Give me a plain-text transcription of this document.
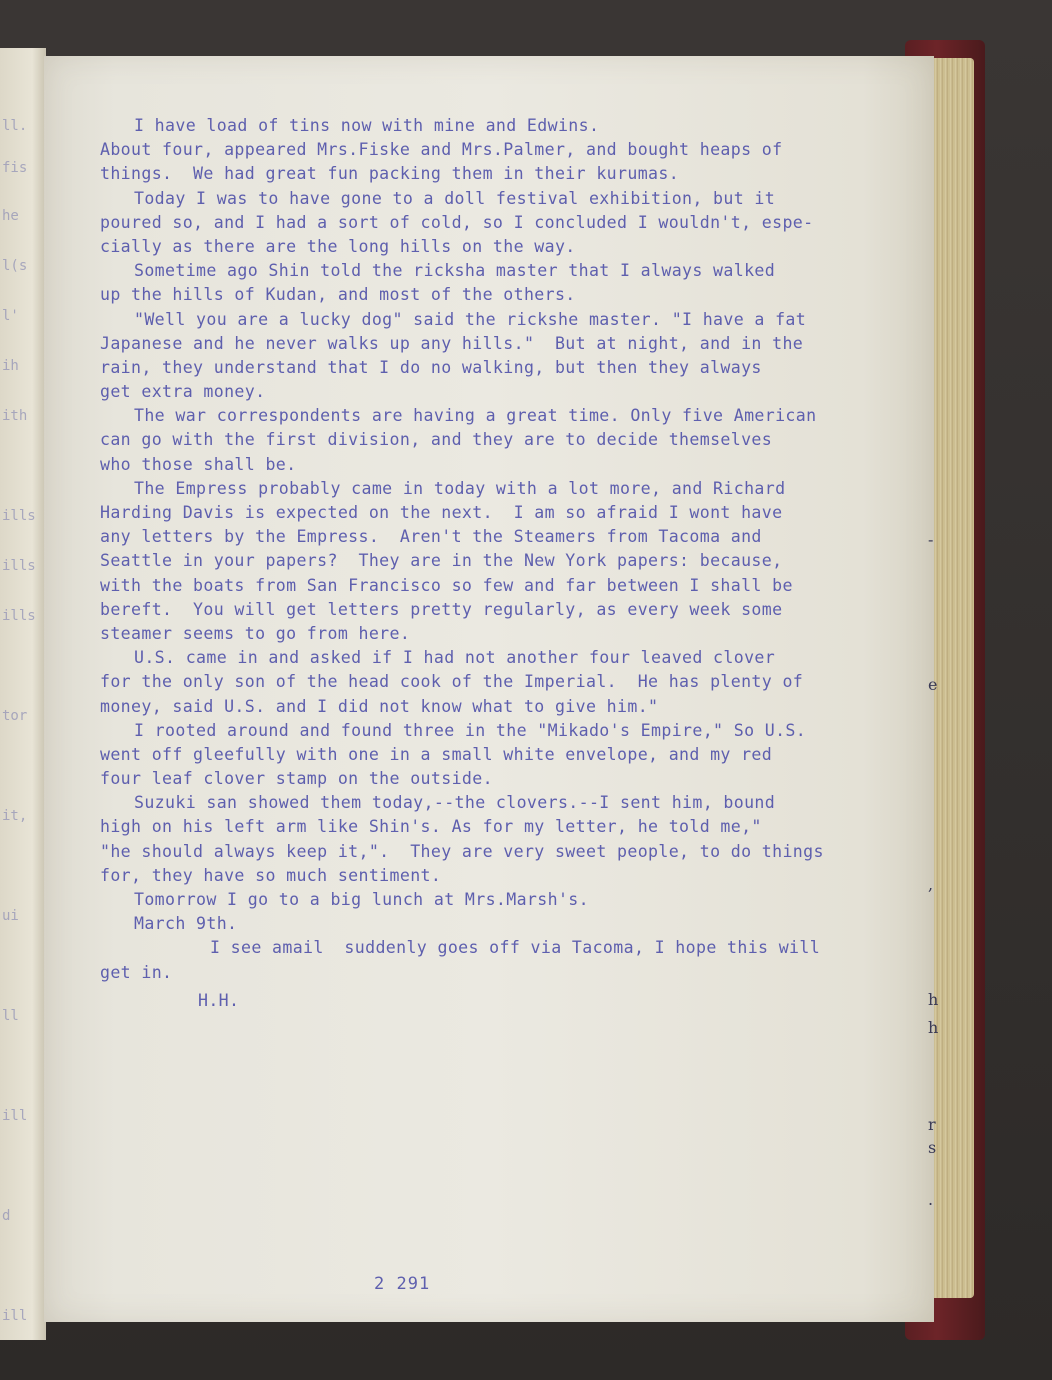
ll.
fis
he
l(s
l'
ih
ith
ills
ills
ills
tor
it,
ui
ll
ill
d
ill
I have load of tins now with mine and Edwins.
About four, appeared Mrs.Fiske and Mrs.Palmer, and bought heaps of
things.  We had great fun packing them in their kurumas.
Today I was to have gone to a doll festival exhibition, but it
poured so, and I had a sort of cold, so I concluded I wouldn't, espe-
cially as there are the long hills on the way.
Sometime ago Shin told the ricksha master that I always walked
up the hills of Kudan, and most of the others.
"Well you are a lucky dog" said the rickshe master. "I have a fat
Japanese and he never walks up any hills."  But at night, and in the
rain, they understand that I do no walking, but then they always
get extra money.
The war correspondents are having a great time. Only five American
can go with the first division, and they are to decide themselves
who those shall be.
The Empress probably came in today with a lot more, and Richard
Harding Davis is expected on the next.  I am so afraid I wont have
any letters by the Empress.  Aren't the Steamers from Tacoma and
Seattle in your papers?  They are in the New York papers: because,
with the boats from San Francisco so few and far between I shall be
bereft.  You will get letters pretty regularly, as every week some
steamer seems to go from here.
U.S. came in and asked if I had not another four leaved clover
for the only son of the head cook of the Imperial.  He has plenty of
money, said U.S. and I did not know what to give him."
I rooted around and found three in the "Mikado's Empire," So U.S.
went off gleefully with one in a small white envelope, and my red
four leaf clover stamp on the outside.
Suzuki san showed them today,--the clovers.--I sent him, bound
high on his left arm like Shin's. As for my letter, he told me,"
"he should always keep it,".  They are very sweet people, to do things
for, they have so much sentiment.
Tomorrow I go to a big lunch at Mrs.Marsh's.
March 9th.
I see amail  suddenly goes off via Tacoma, I hope this will
get in.
H.H.
2 291
-
e
,
h
h
r
s
.
